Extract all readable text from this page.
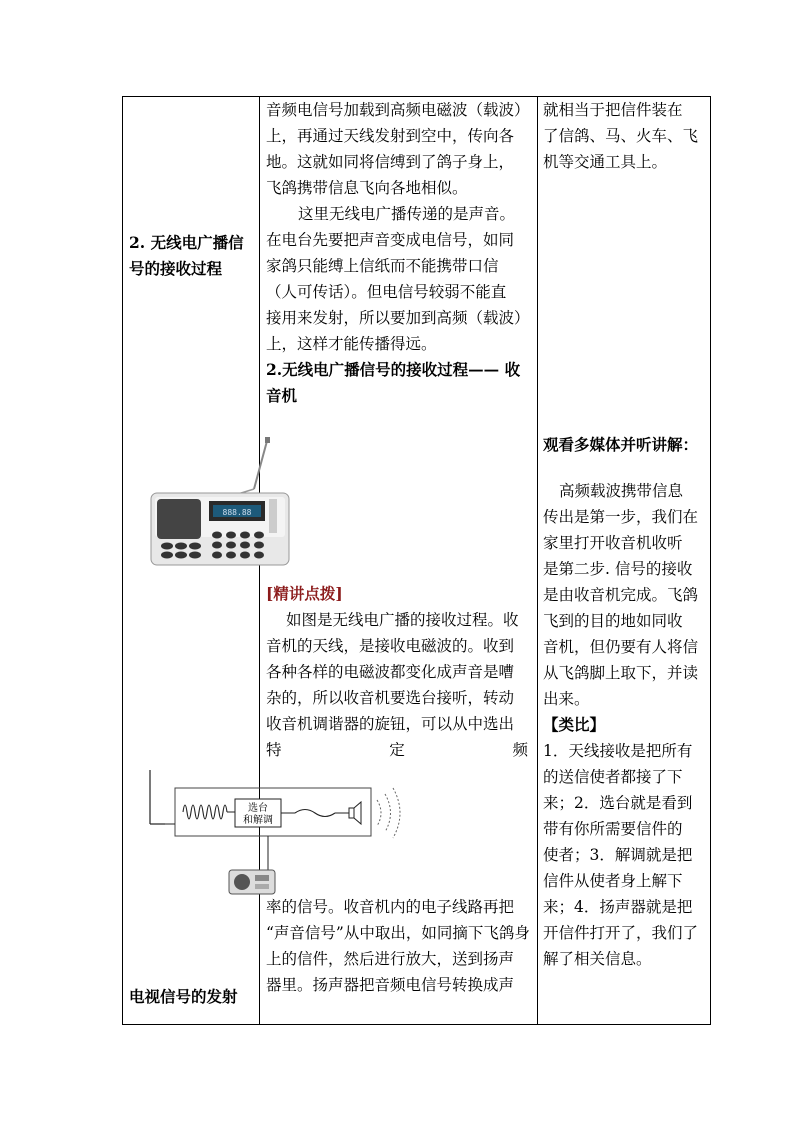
2. 无线电广播信
号的接收过程
电视信号的发射
音频电信号加载到高频电磁波（载波）
上，再通过天线发射到空中，传向各
地。这就如同将信缚到了鸽子身上，
飞鸽携带信息飞向各地相似。
这里无线电广播传递的是声音。
在电台先要把声音变成电信号，如同
家鸽只能缚上信纸而不能携带口信
（人可传话）。但电信号较弱不能直
接用来发射，所以要加到高频（载波）
上，这样才能传播得远。
2.无线电广播信号的接收过程—— 收
音机
[精讲点拨]
如图是无线电广播的接收过程。收
音机的天线，是接收电磁波的。收到
各种各样的电磁波都变化成声音是嘈
杂的，所以收音机要选台接听，转动
收音机调谐器的旋钮，可以从中选出
特	定	频
率的信号。收音机内的电子线路再把
“声音信号”从中取出，如同摘下飞鸽身
上的信件，然后进行放大，送到扬声
器里。扬声器把音频电信号转换成声
就相当于把信件装在
了信鸽、马、火车、飞
机等交通工具上。
观看多媒体并听讲解：
高频载波携带信息
传出是第一步，我们在
家里打开收音机收听
是第二步. 信号的接收
是由收音机完成。飞鸽
飞到的目的地如同收
音机，但仍要有人将信
从飞鸽脚上取下，并读
出来。
【类比】
1．天线接收是把所有
的送信使者都接了下
来；2．选台就是看到
带有你所需要信件的
使者；3．解调就是把
信件从使者身上解下
来；4．扬声器就是把
开信件打开了，我们了
解了相关信息。
888.88
选台
和解调
